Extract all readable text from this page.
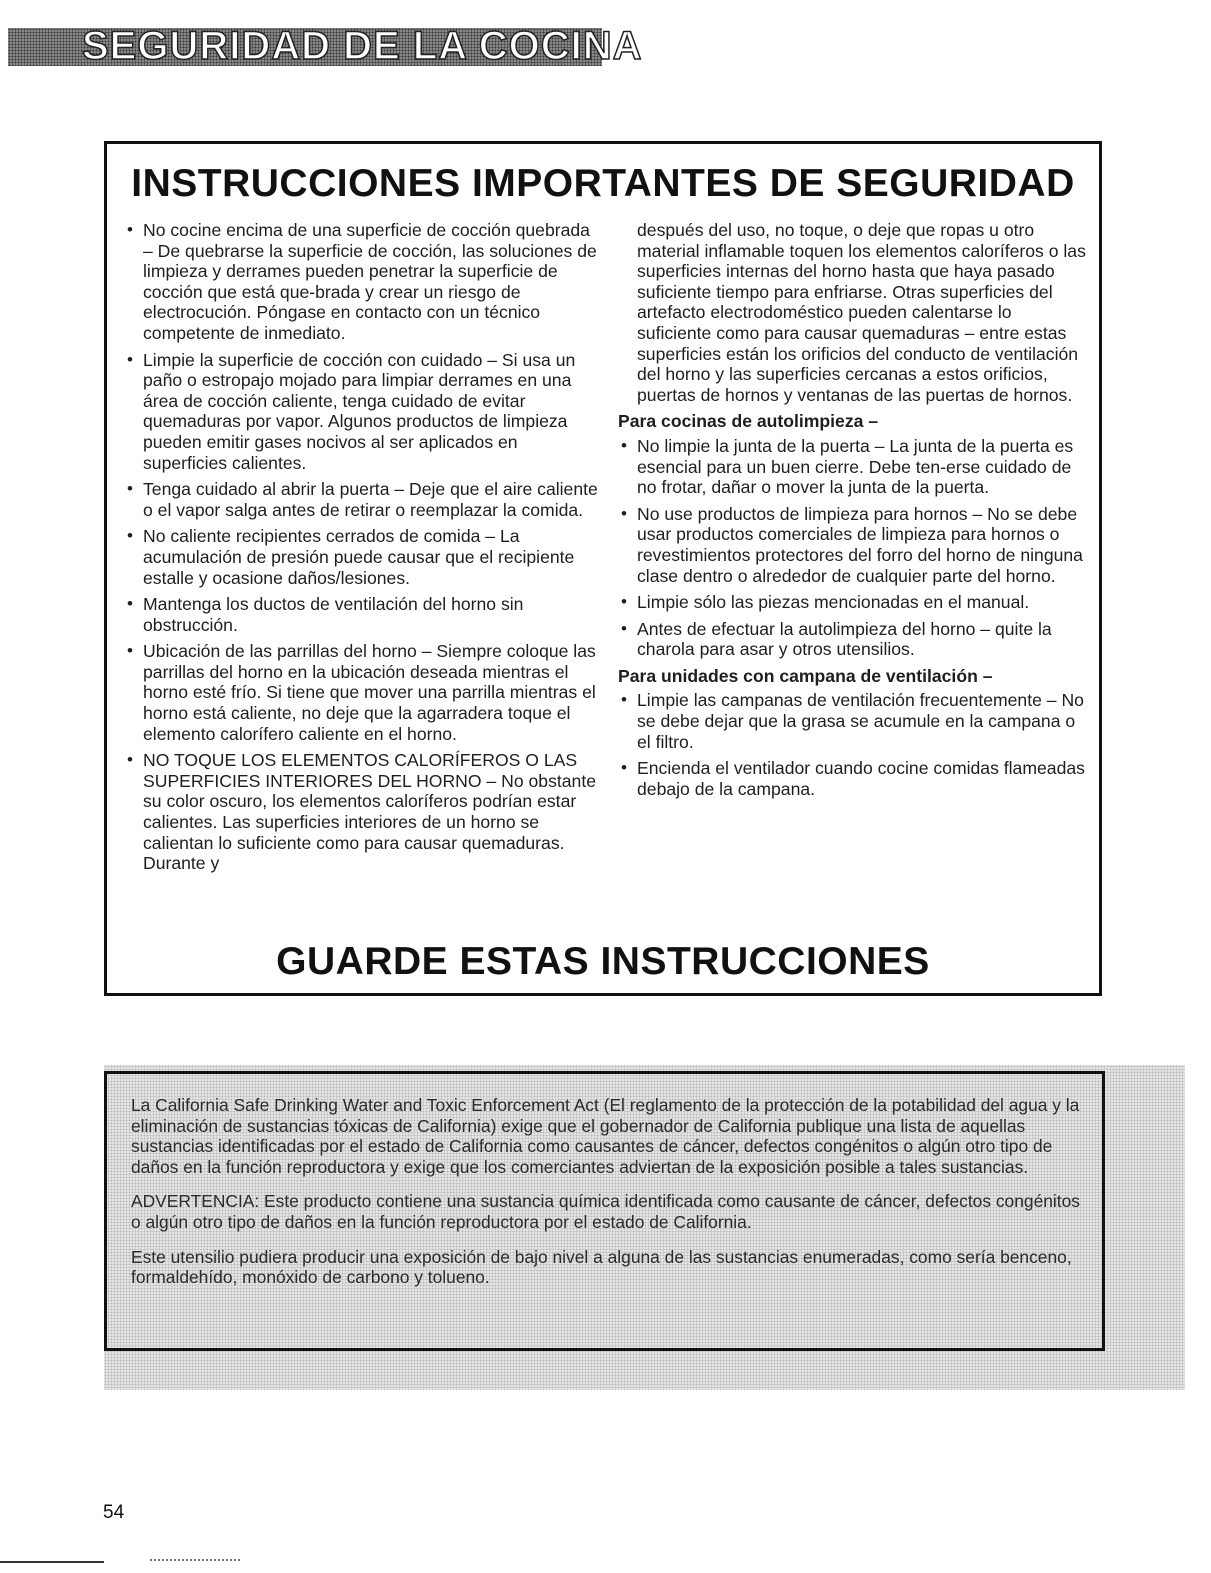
SEGURIDAD DE LA COCINA
INSTRUCCIONES IMPORTANTES DE SEGURIDAD
• No cocine encima de una superficie de cocción quebrada – De quebrarse la superficie de cocción, las soluciones de limpieza y derrames pueden penetrar la superficie de cocción que está que-brada y crear un riesgo de electrocución. Póngase en contacto con un técnico competente de inmediato.
• Limpie la superficie de cocción con cuidado – Si usa un paño o estropajo mojado para limpiar derrames en una área de cocción caliente, tenga cuidado de evitar quemaduras por vapor. Algunos productos de limpieza pueden emitir gases nocivos al ser aplicados en superficies calientes.
• Tenga cuidado al abrir la puerta – Deje que el aire caliente o el vapor salga antes de retirar o reemplazar la comida.
• No caliente recipientes cerrados de comida – La acumulación de presión puede causar que el recipiente estalle y ocasione daños/lesiones.
• Mantenga los ductos de ventilación del horno sin obstrucción.
• Ubicación de las parrillas del horno – Siempre coloque las parrillas del horno en la ubicación deseada mientras el horno esté frío. Si tiene que mover una parrilla mientras el horno está caliente, no deje que la agarradera toque el elemento calorífero caliente en el horno.
• NO TOQUE LOS ELEMENTOS CALORÍFEROS O LAS SUPERFICIES INTERIORES DEL HORNO – No obstante su color oscuro, los elementos caloríferos podrían estar calientes. Las superficies interiores de un horno se calientan lo suficiente como para causar quemaduras. Durante y

después del uso, no toque, o deje que ropas u otro material inflamable toquen los elementos caloríferos o las superficies internas del horno hasta que haya pasado suficiente tiempo para enfriarse. Otras superficies del artefacto electrodoméstico pueden calentarse lo suficiente como para causar quemaduras – entre estas superficies están los orificios del conducto de ventilación del horno y las superficies cercanas a estos orificios, puertas de hornos y ventanas de las puertas de hornos.

Para cocinas de autolimpieza –
• No limpie la junta de la puerta – La junta de la puerta es esencial para un buen cierre. Debe ten-erse cuidado de no frotar, dañar o mover la junta de la puerta.
• No use productos de limpieza para hornos – No se debe usar productos comerciales de limpieza para hornos o revestimientos protectores del forro del horno de ninguna clase dentro o alrededor de cualquier parte del horno.
• Limpie sólo las piezas mencionadas en el manual.
• Antes de efectuar la autolimpieza del horno – quite la charola para asar y otros utensilios.
Para unidades con campana de ventilación –
• Limpie las campanas de ventilación frecuentemente – No se debe dejar que la grasa se acumule en la campana o el filtro.
• Encienda el ventilador cuando cocine comidas flameadas debajo de la campana.
GUARDE ESTAS INSTRUCCIONES

La California Safe Drinking Water and Toxic Enforcement Act (El reglamento de la protección de la potabilidad del agua y la eliminación de sustancias tóxicas de California) exige que el gobernador de California publique una lista de aquellas sustancias identificadas por el estado de California como causantes de cáncer, defectos congénitos o algún otro tipo de daños en la función reproductora y exige que los comerciantes adviertan de la exposición posible a tales sustancias.

ADVERTENCIA: Este producto contiene una sustancia química identificada como causante de cáncer, defectos congénitos o algún otro tipo de daños en la función reproductora por el estado de California.

Este utensilio pudiera producir una exposición de bajo nivel a alguna de las sustancias enumeradas, como sería benceno, formaldehído, monóxido de carbono y tolueno.

54
